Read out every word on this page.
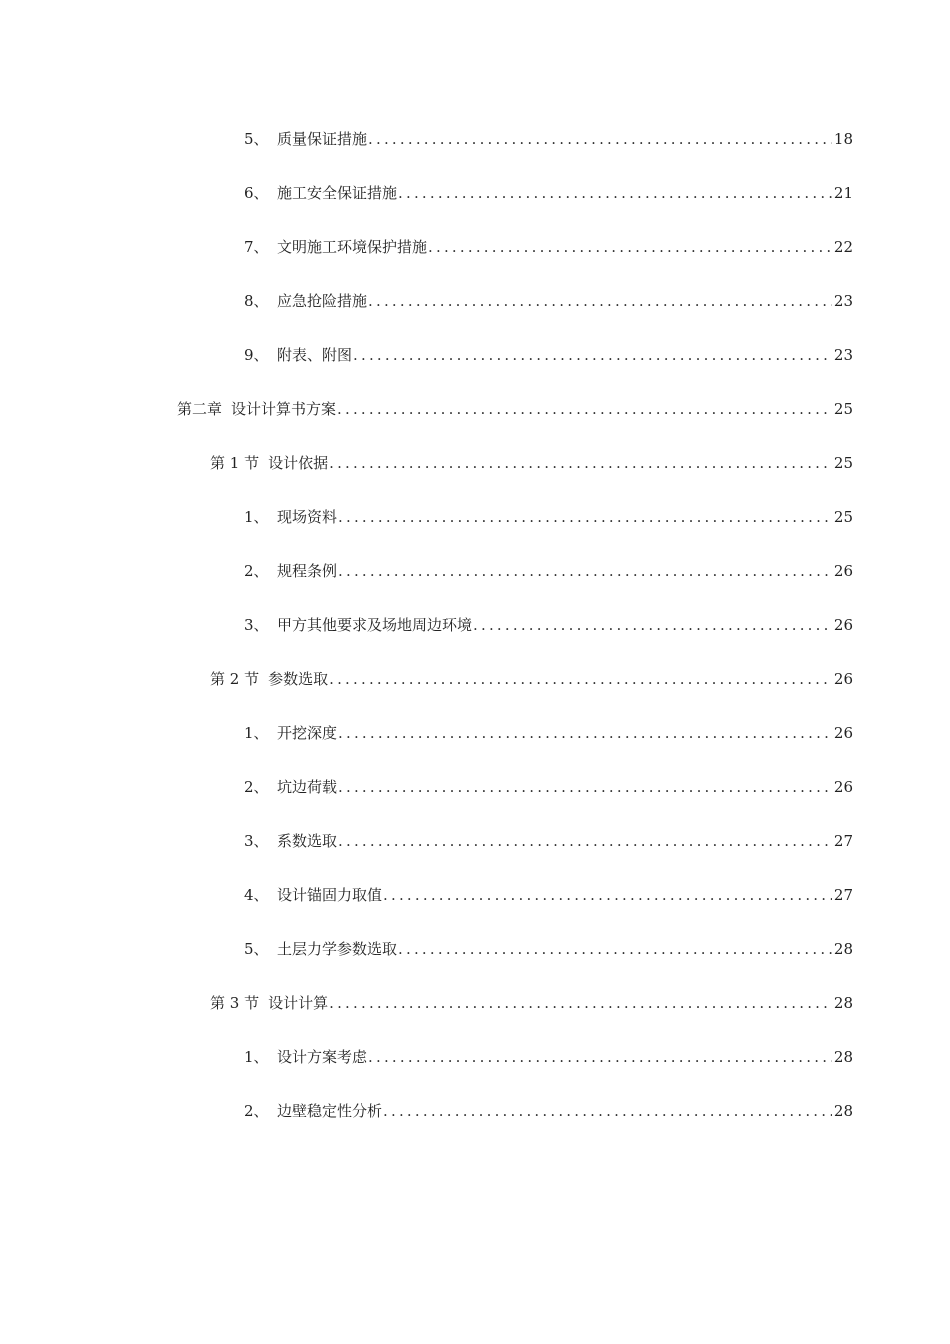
5、 质量保证措施 .....	18
6、 施工安全保证措施 .....	21
7、 文明施工环境保护措施 .....	22
8、 应急抢险措施 .....	23
9、 附表、附图 .....	23
第二章 设计计算书方案 .....	25
第 1 节 设计依据 .....	25
1、 现场资料 .....	25
2、 规程条例 .....	26
3、 甲方其他要求及场地周边环境 .....	26
第 2 节 参数选取 .....	26
1、 开挖深度 .....	26
2、 坑边荷载 .....	26
3、 系数选取 .....	27
4、 设计锚固力取值 .....	27
5、 土层力学参数选取 .....	28
第 3 节 设计计算 .....	28
1、 设计方案考虑 .....	28
2、 边壁稳定性分析 .....	28
